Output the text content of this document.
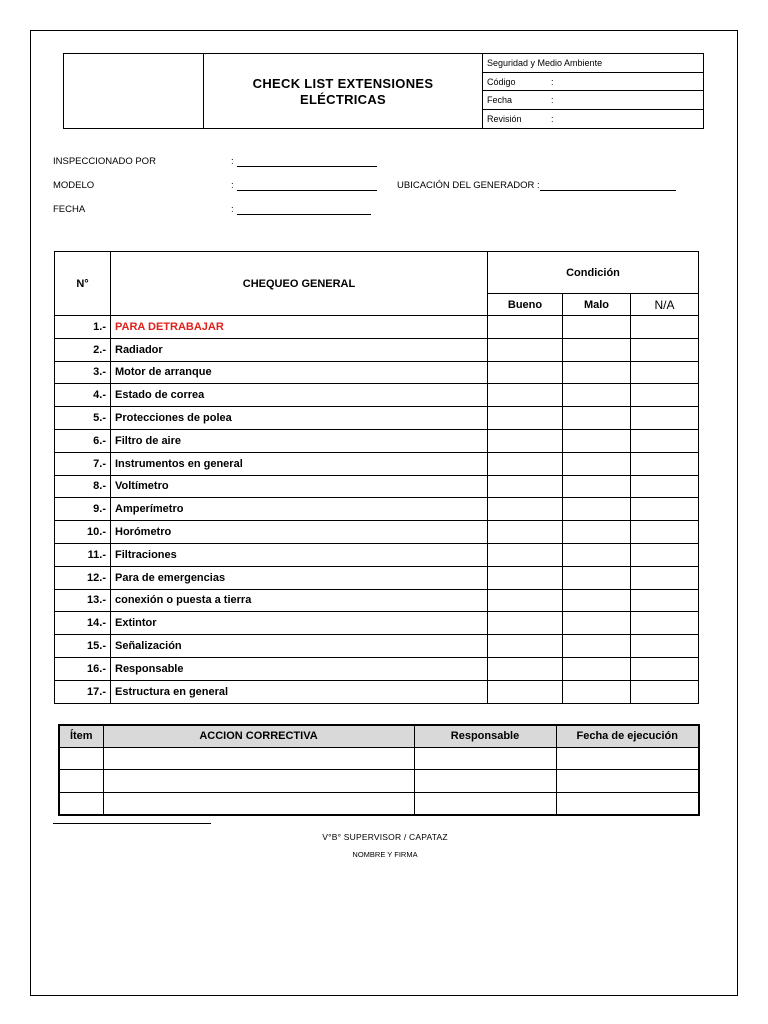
CHECK LIST EXTENSIONES
ELÉCTRICAS
Seguridad y Medio Ambiente
Código	:
Fecha	:
Revisión	:
INSPECCIONADO POR	:
MODELO	:	UBICACIÓN DEL GENERADOR :
FECHA	:
N°	CHEQUEO GENERAL	Condición		
		Bueno	Malo	N/A
1.-	PARA DETRABAJAR			
2.-	Radiador			
3.-	Motor de arranque			
4.-	Estado de correa			
5.-	Protecciones de polea			
6.-	Filtro de aire			
7.-	Instrumentos en general			
8.-	Voltímetro			
9.-	Amperímetro			
10.-	Horómetro			
11.-	Filtraciones			
12.-	Para de emergencias			
13.-	conexión o puesta a tierra			
14.-	Extintor			
15.-	Señalización			
16.-	Responsable			
17.-	Estructura en general			
Ítem	ACCION CORRECTIVA	Responsable	Fecha de ejecución

V°B° SUPERVISOR / CAPATAZ
NOMBRE Y FIRMA
